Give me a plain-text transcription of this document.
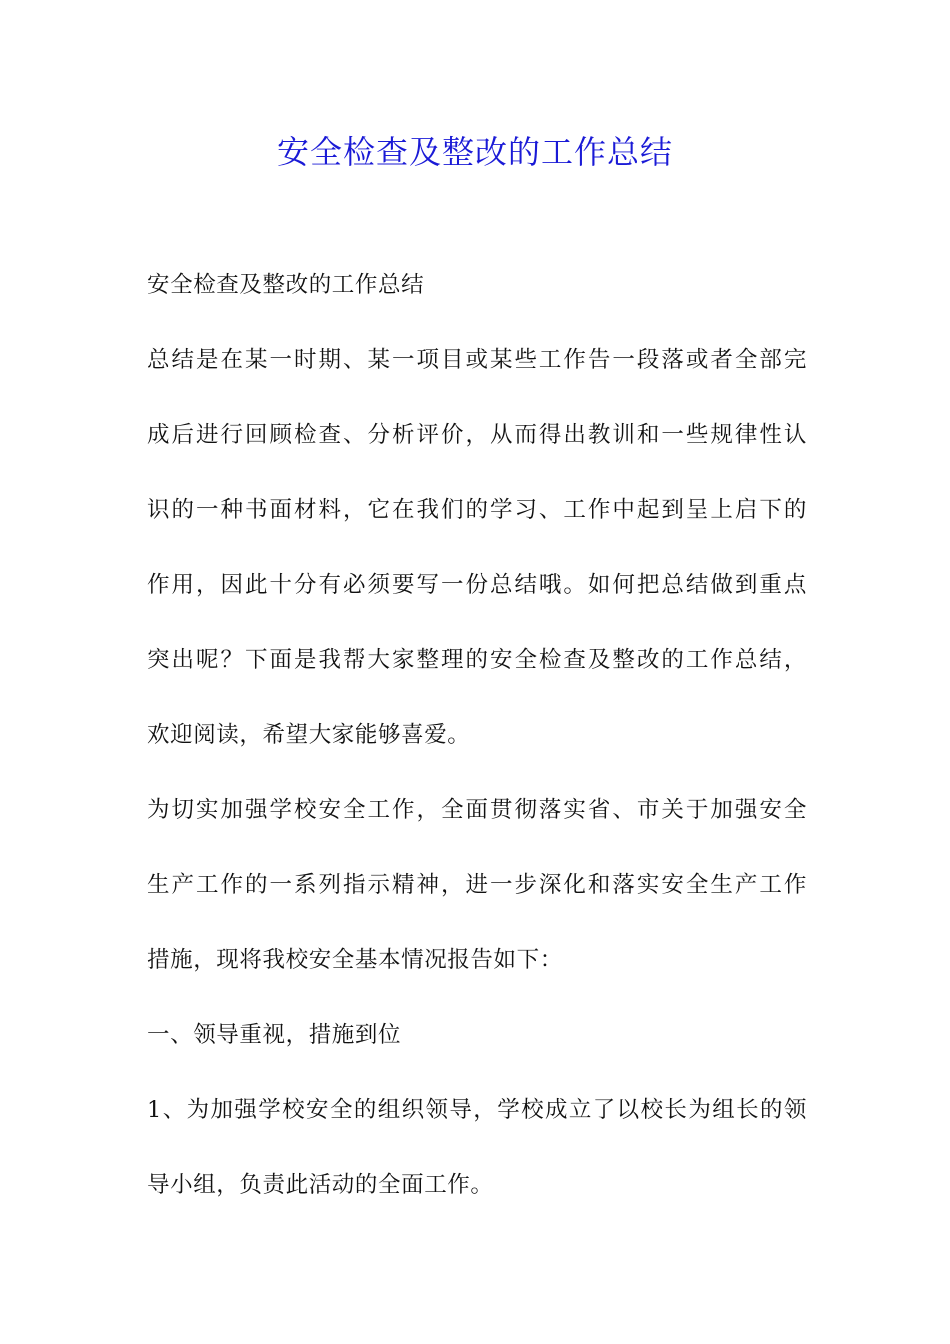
安全检查及整改的工作总结
安全检查及整改的工作总结
总结是在某一时期、某一项目或某些工作告一段落或者全部完
成后进行回顾检查、分析评价，从而得出教训和一些规律性认
识的一种书面材料，它在我们的学习、工作中起到呈上启下的
作用，因此十分有必须要写一份总结哦。如何把总结做到重点
突出呢？下面是我帮大家整理的安全检查及整改的工作总结，
欢迎阅读，希望大家能够喜爱。
为切实加强学校安全工作，全面贯彻落实省、市关于加强安全
生产工作的一系列指示精神，进一步深化和落实安全生产工作
措施，现将我校安全基本情况报告如下：
一、领导重视，措施到位
1、为加强学校安全的组织领导，学校成立了以校长为组长的领
导小组，负责此活动的全面工作。
